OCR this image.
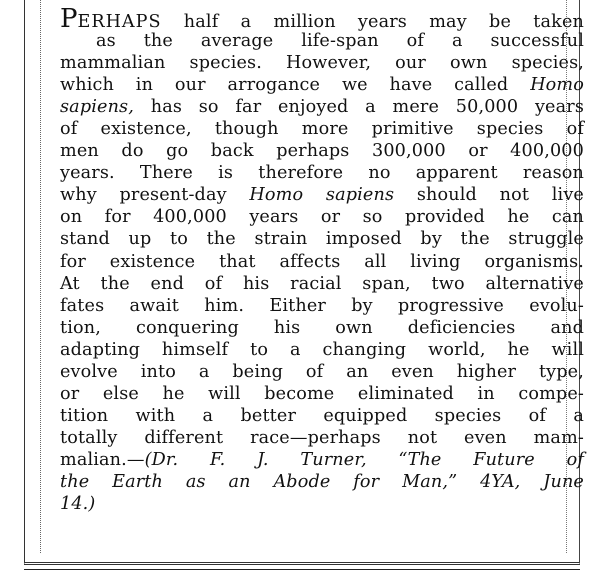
PERHAPS half a million years may be taken
as the average life-span of a successful
mammalian species. However, our own species,
which in our arrogance we have called Homo
sapiens, has so far enjoyed a mere 50,000 years
of existence, though more primitive species of
men do go back perhaps 300,000 or 400,000
years. There is therefore no apparent reason
why present-day Homo sapiens should not live
on for 400,000 years or so provided he can
stand up to the strain imposed by the struggle
for existence that affects all living organisms.
At the end of his racial span, two alternative
fates await him. Either by progressive evolu-
tion, conquering his own deficiencies and
adapting himself to a changing world, he will
evolve into a being of an even higher type,
or else he will become eliminated in compe-
tition with a better equipped species of a
totally different race—perhaps not even mam-
malian.—(Dr. F. J. Turner, “The Future of
the Earth as an Abode for Man,” 4YA, June
14.)
